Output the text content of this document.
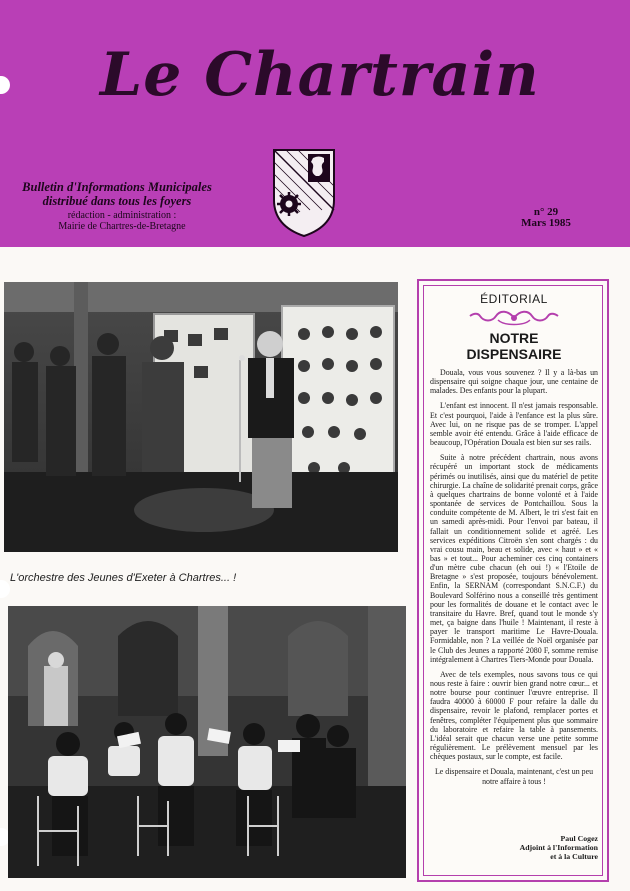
Le Chartrain
Bulletin d'Informations Municipales
distribué dans tous les foyers
rédaction - administration :
Mairie de Chartres-de-Bretagne
n° 29
Mars 1985
L'orchestre des Jeunes d'Exeter à Chartres... !
ÉDITORIAL
NOTRE
DISPENSAIRE

Douala, vous vous souvenez ? Il y a là-bas un dispensaire qui soigne chaque jour, une centaine de malades. Des enfants pour la plupart.

L'enfant est innocent. Il n'est jamais responsable. Et c'est pourquoi, l'aide à l'enfance est la plus sûre. Avec lui, on ne risque pas de se tromper. L'appel semble avoir été entendu. Grâce à l'aide efficace de beaucoup, l'Opération Douala est bien sur ses rails.

Suite à notre précédent chartrain, nous avons récupéré un important stock de médicaments périmés ou inutilisés, ainsi que du matériel de petite chirurgie. La chaîne de solidarité prenait corps, grâce à quelques chartrains de bonne volonté et à l'aide spontanée de services de Pontchaillou. Sous la conduite compétente de M. Albert, le tri s'est fait en un samedi après-midi. Pour l'envoi par bateau, il fallait un conditionnement solide et agréé. Les services expéditions Citroën s'en sont chargés : du vrai cousu main, beau et solide, avec « haut » et « bas » et tout... Pour acheminer ces cinq containers d'un mètre cube chacun (eh oui !) « l'Etoile de Bretagne » s'est proposée, toujours bénévolement. Enfin, la SERNAM (correspondant S.N.C.F.) du Boulevard Solférino nous a conseillé très gentiment pour les formalités de douane et le contact avec le transitaire du Havre. Bref, quand tout le monde s'y met, ça baigne dans l'huile ! Maintenant, il reste à payer le transport maritime Le Havre-Douala. Formidable, non ? La veillée de Noël organisée par le Club des Jeunes a rapporté 2080 F, somme remise intégralement à Chartres Tiers-Monde pour Douala.

Avec de tels exemples, nous savons tous ce qui nous reste à faire : ouvrir bien grand notre cœur... et notre bourse pour continuer l'œuvre entreprise. Il faudra 40000 à 60000 F pour refaire la dalle du dispensaire, revoir le plafond, remplacer portes et fenêtres, compléter l'équipement plus que sommaire du laboratoire et refaire la table à pansements. L'idéal serait que chacun verse une petite somme régulièrement. Le prélèvement mensuel par les chèques postaux, sur le compte, est facile.

Le dispensaire et Douala, maintenant, c'est un peu notre affaire à tous !

Paul Cogez
Adjoint à l'Information
et à la Culture
